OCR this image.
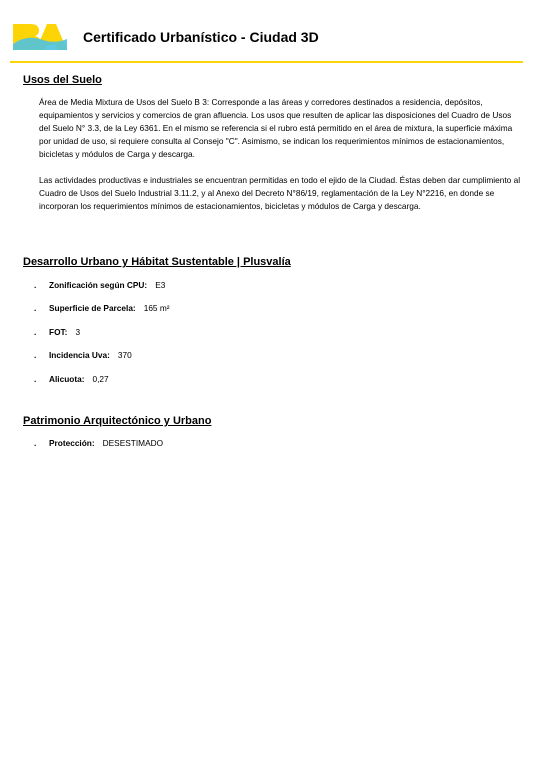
Certificado Urbanístico - Ciudad 3D
Usos del Suelo

Área de Media Mixtura de Usos del Suelo B 3: Corresponde a las áreas y corredores destinados a residencia, depósitos, equipamientos y servicios y comercios de gran afluencia. Los usos que resulten de aplicar las disposiciones del Cuadro de Usos del Suelo N° 3.3, de la Ley 6361. En el mismo se referencia si el rubro está permitido en el área de mixtura, la superficie máxima por unidad de uso, si requiere consulta al Consejo "C". Asimismo, se indican los requerimientos mínimos de estacionamientos, bicicletas y módulos de Carga y descarga.

Las actividades productivas e industriales se encuentran permitidas en todo el ejido de la Ciudad. Éstas deben dar cumplimiento al Cuadro de Usos del Suelo Industrial 3.11.2, y al Anexo del Decreto N°86/19, reglamentación de la Ley N°2216, en donde se incorporan los requerimientos mínimos de estacionamientos, bicicletas y módulos de Carga y descarga.

Desarrollo Urbano y Hábitat Sustentable | Plusvalía
. Zonificación según CPU: E3
. Superficie de Parcela: 165 m²
. FOT: 3
. Incidencia Uva: 370
. Alicuota: 0,27
Patrimonio Arquitectónico y Urbano
. Protección: DESESTIMADO
